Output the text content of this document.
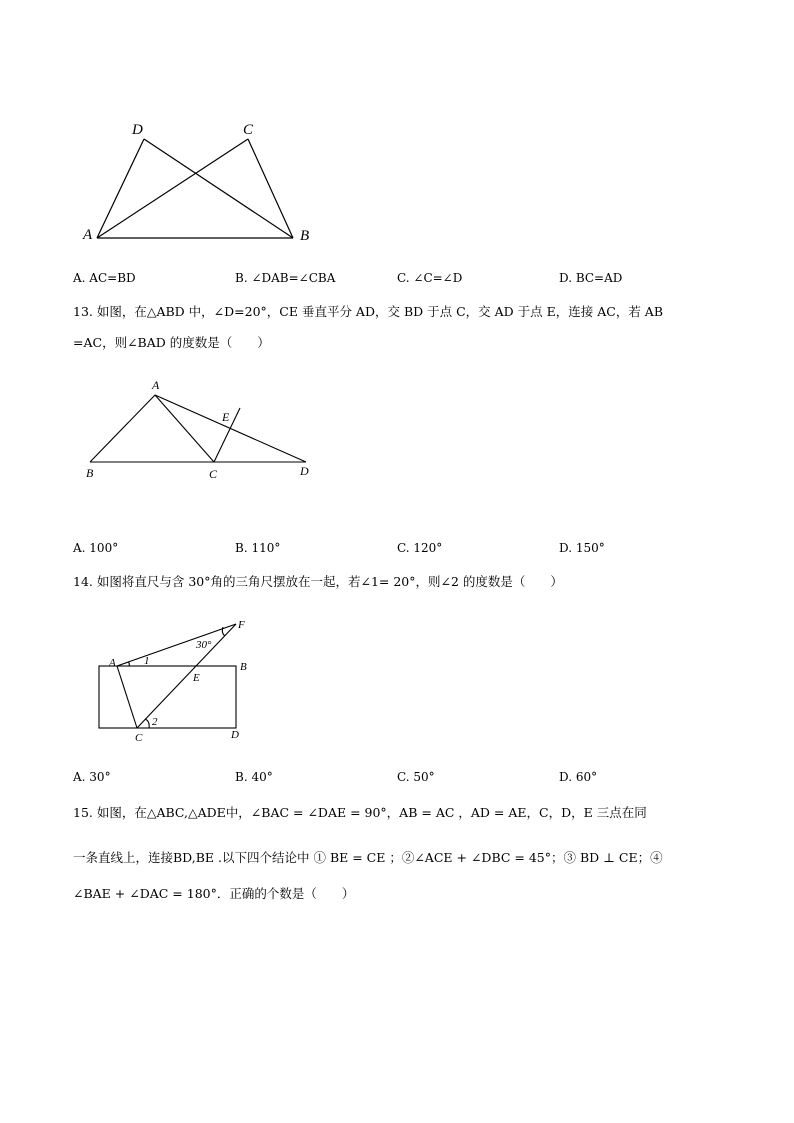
D	C
A	B
A. AC=BD	B. ∠DAB=∠CBA	C. ∠C=∠D	D. BC=AD
13. 如图，在△ABD 中，∠D=20°，CE 垂直平分 AD，交 BD 于点 C，交 AD 于点 E，连接 AC，若 AB
=AC，则∠BAD 的度数是（　　）
A
E
B	C	D
A. 100°	B. 110°	C. 120°	D. 150°
14. 如图将直尺与含 30°角的三角尺摆放在一起，若∠1= 20°，则∠2 的度数是（　　）
F
30°
A	1	B
E
2
C	D
A. 30°	B. 40°	C. 50°	D. 60°
15. 如图，在△ABC,△ADE中，∠BAC = ∠DAE = 90°，AB = AC ，AD = AE，C，D，E 三点在同
一条直线上，连接BD,BE .以下四个结论中 ① BE = CE ；②∠ACE + ∠DBC = 45°；③ BD ⊥ CE；④
∠BAE + ∠DAC = 180°．正确的个数是（　　）
